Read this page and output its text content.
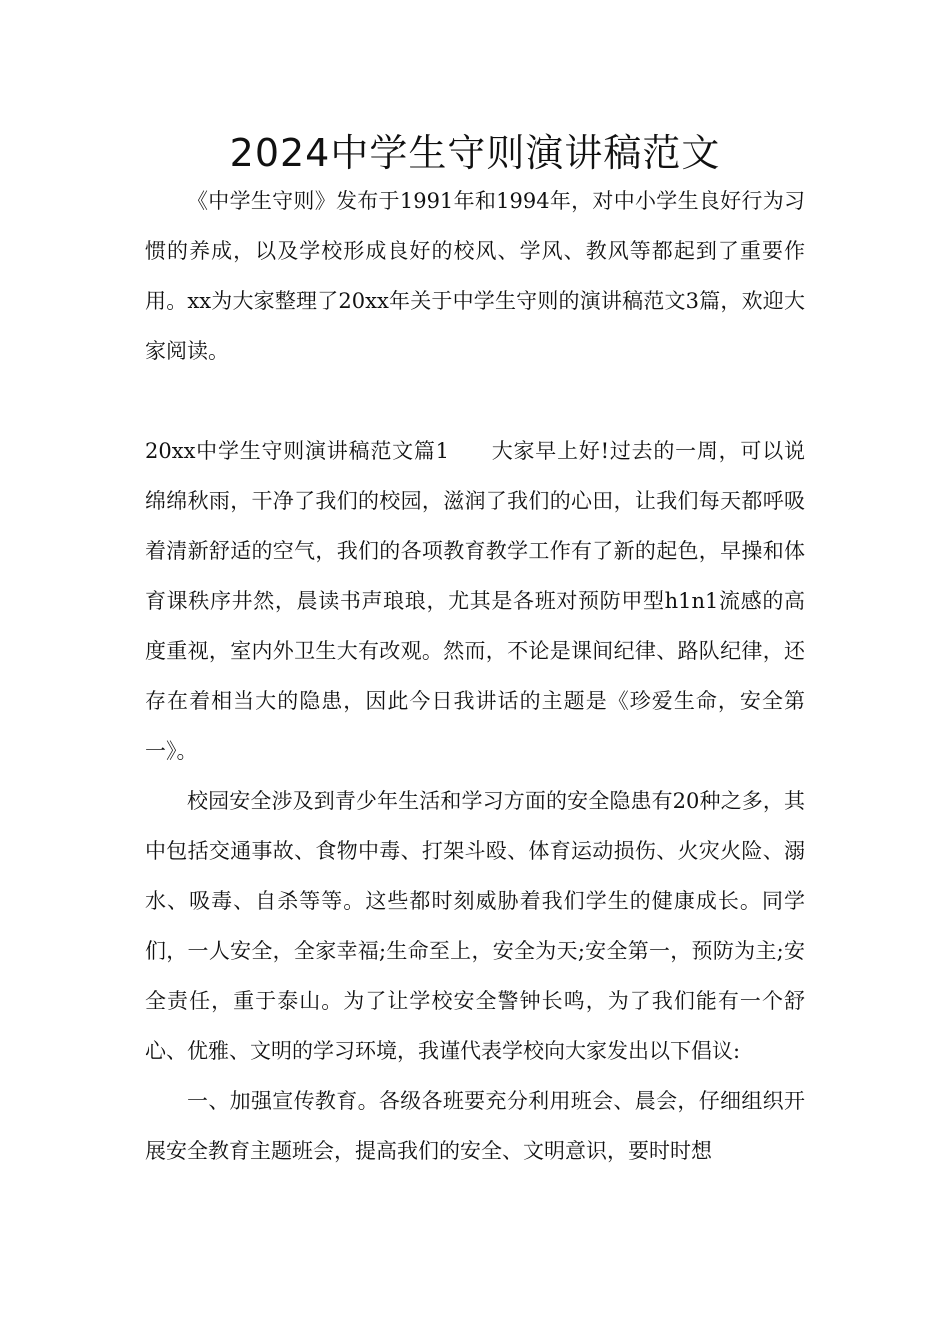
2024中学生守则演讲稿范文

《中学生守则》发布于1991年和1994年，对中小学生良好行为习惯的养成，以及学校形成良好的校风、学风、教风等都起到了重要作用。xx为大家整理了20xx年关于中学生守则的演讲稿范文3篇，欢迎大家阅读。

20xx中学生守则演讲稿范文篇1 大家早上好!过去的一周，可以说绵绵秋雨，干净了我们的校园，滋润了我们的心田，让我们每天都呼吸着清新舒适的空气，我们的各项教育教学工作有了新的起色，早操和体育课秩序井然，晨读书声琅琅，尤其是各班对预防甲型h1n1流感的高度重视，室内外卫生大有改观。然而，不论是课间纪律、路队纪律，还存在着相当大的隐患，因此今日我讲话的主题是《珍爱生命，安全第一》。

校园安全涉及到青少年生活和学习方面的安全隐患有20种之多，其中包括交通事故、食物中毒、打架斗殴、体育运动损伤、火灾火险、溺水、吸毒、自杀等等。这些都时刻威胁着我们学生的健康成长。同学们，一人安全，全家幸福;生命至上，安全为天;安全第一，预防为主;安全责任，重于泰山。为了让学校安全警钟长鸣，为了我们能有一个舒心、优雅、文明的学习环境，我谨代表学校向大家发出以下倡议:

一、加强宣传教育。各级各班要充分利用班会、晨会，仔细组织开展安全教育主题班会，提高我们的安全、文明意识，要时时想
